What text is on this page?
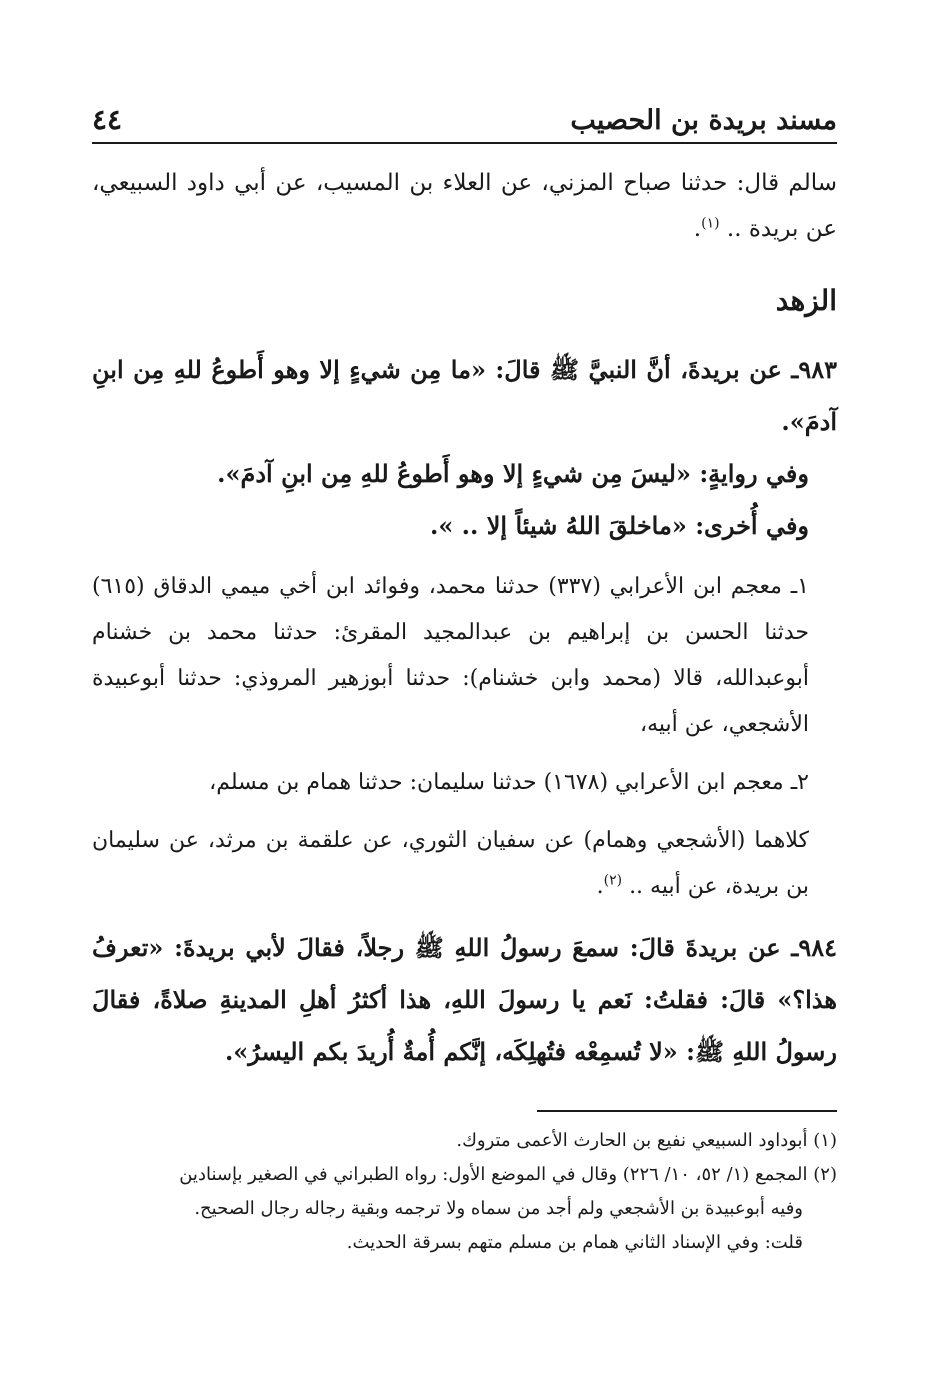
مسند بريدة بن الحصيب
٤٤

سالم قال: حدثنا صباح المزني، عن العلاء بن المسيب، عن أبي داود السبيعي، عن بريدة .. $^{(١)}$.

الزهد

٩٨٣ـ عن بريدةَ، أنَّ النبيَّ ﷺ قالَ: «ما مِن شيءٍ إلا وهو أَطوعُ للهِ مِن ابنِ آدمَ».

وفي روايةٍ: «ليسَ مِن شيءٍ إلا وهو أَطوعُ للهِ مِن ابنِ آدمَ».

وفي أُخرى: «ماخلقَ اللهُ شيئاً إلا .. ».

١ـ معجم ابن الأعرابي (٣٣٧) حدثنا محمد، وفوائد ابن أخي ميمي الدقاق (٦١٥) حدثنا الحسن بن إبراهيم بن عبدالمجيد المقرئ: حدثنا محمد بن خشنام أبوعبدالله، قالا (محمد وابن خشنام): حدثنا أبوزهير المروذي: حدثنا أبوعبيدة الأشجعي، عن أبيه،

٢ـ معجم ابن الأعرابي (١٦٧٨) حدثنا سليمان: حدثنا همام بن مسلم،

كلاهما (الأشجعي وهمام) عن سفيان الثوري، عن علقمة بن مرثد، عن سليمان بن بريدة، عن أبيه .. $^{(٢)}$.

٩٨٤ـ عن بريدةَ قالَ: سمعَ رسولُ اللهِ ﷺ رجلاً، فقالَ لأبي بريدةَ: «تعرفُ هذا؟» قالَ: فقلتُ: نَعم يا رسولَ اللهِ، هذا أكثرُ أهلِ المدينةِ صلاةً، فقالَ رسولُ اللهِ ﷺ: «لا تُسمِعْه فتُهلِكَه، إنَّكم أُمةٌ أُريدَ بكم اليسرُ».

(١) أبوداود السبيعي نفيع بن الحارث الأعمى متروك.

(٢) المجمع (١/ ٥٢، ١٠/ ٢٢٦) وقال في الموضع الأول: رواه الطبراني في الصغير بإسنادين

وفيه أبوعبيدة بن الأشجعي ولم أجد من سماه ولا ترجمه وبقية رجاله رجال الصحيح.

قلت: وفي الإسناد الثاني همام بن مسلم متهم بسرقة الحديث.
